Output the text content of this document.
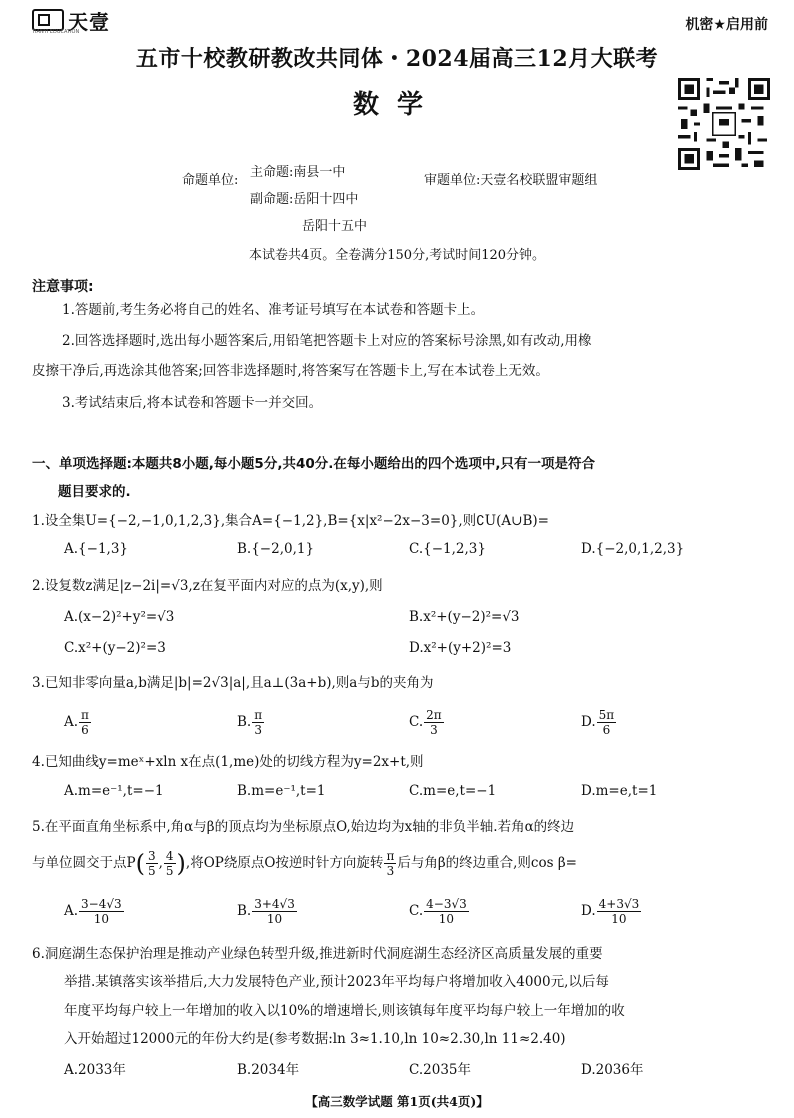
天壹
TIANYI EDUCATION	机密★启用前
五市十校教研教改共同体・2024届高三12月大联考
数学
命题单位:
主命题:南县一中
副命题:岳阳十四中
岳阳十五中
审题单位:天壹名校联盟审题组
本试卷共4页。全卷满分150分,考试时间120分钟。
注意事项:
1.答题前,考生务必将自己的姓名、准考证号填写在本试卷和答题卡上。
2.回答选择题时,选出每小题答案后,用铅笔把答题卡上对应的答案标号涂黑,如有改动,用橡
皮擦干净后,再选涂其他答案;回答非选择题时,将答案写在答题卡上,写在本试卷上无效。
3.考试结束后,将本试卷和答题卡一并交回。
一、单项选择题:本题共8小题,每小题5分,共40分.在每小题给出的四个选项中,只有一项是符合
题目要求的.
1.设全集U={−2,−1,0,1,2,3},集合A={−1,2},B={x|x²−2x−3=0},则∁U(A∪B)=
A.{−1,3}	B.{−2,0,1}	C.{−1,2,3}	D.{−2,0,1,2,3}
2.设复数z满足|z−2i|=√3,z在复平面内对应的点为(x,y),则
A.(x−2)²+y²=√3	B.x²+(y−2)²=√3
C.x²+(y−2)²=3	D.x²+(y+2)²=3
3.已知非零向量a,b满足|b|=2√3|a|,且a⊥(3a+b),则a与b的夹角为
A. $\frac{\pi}{6}$	B. $\frac{\pi}{3}$	C. $\frac{2\pi}{3}$	D. $\frac{5\pi}{6}$
4.已知曲线y=meˣ+xln x在点(1,me)处的切线方程为y=2x+t,则
A.m=e⁻¹,t=−1	B.m=e⁻¹,t=1	C.m=e,t=−1	D.m=e,t=1
5.在平面直角坐标系中,角α与β的顶点均为坐标原点O,始边均为x轴的非负半轴.若角α的终边
与单位圆交于点$P( \frac{3}{5}$ , $\frac{4}{5}$ ),将OP绕原点O按逆时针方向旋转 $\frac{\pi}{3}$ 后与角β的终边重合,则cos β=
A. $\frac{3-4√3}{10}$	B. $\frac{3+4√3}{10}$	C. $\frac{4-3√3}{10}$	D. $\frac{4+3√3}{10}$
6.洞庭湖生态保护治理是推动产业绿色转型升级,推进新时代洞庭湖生态经济区高质量发展的重要
举措.某镇落实该举措后,大力发展特色产业,预计2023年平均每户将增加收入4000元,以后每
年度平均每户较上一年增加的收入以10%的增速增长,则该镇每年度平均每户较上一年增加的收
入开始超过12000元的年份大约是(参考数据:ln 3≈1.10,ln 10≈2.30,ln 11≈2.40)
A.2033年	B.2034年	C.2035年	D.2036年
【高三数学试题 第1页(共4页)】
